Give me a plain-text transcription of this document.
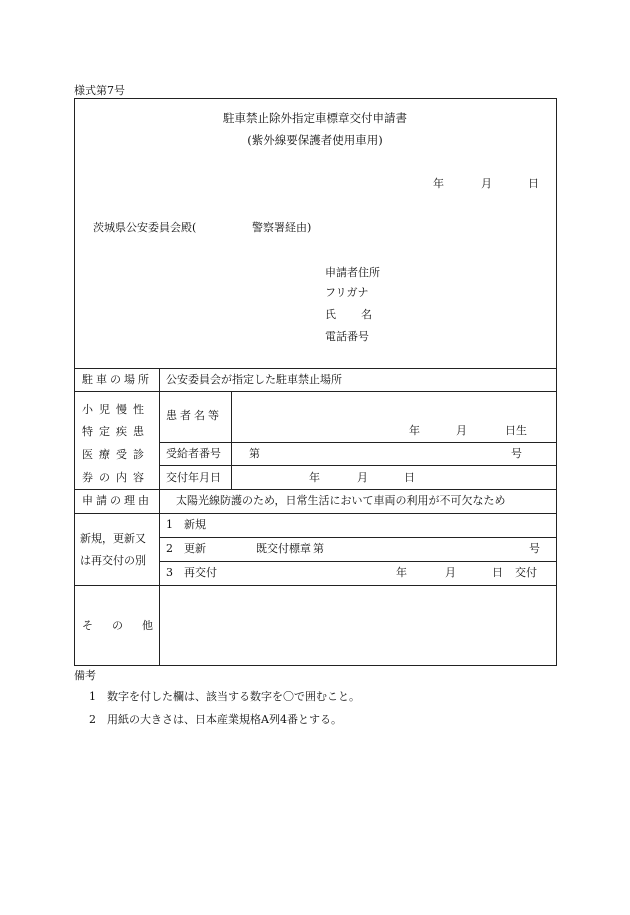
様式第7号
駐車禁止除外指定車標章交付申請書
(紫外線要保護者使用車用)
年	月	日
茨城県公安委員会殿(	警察署経由)
申請者住所
フリガナ
氏 名
電話番号
駐車の場所 公安委員会が指定した駐車禁止場所
小児慢性
特定疾患
医療受診
券の内容
患者名等
年	月	日生
受給者番号	第	号
交付年月日	年	月	日
申請の理由 太陽光線防護のため，日常生活において車両の利用が不可欠なため
新規，更新又
は再交付の別
1 新規
2 更新	既交付標章 第	号
3 再交付	年	月	日 交付
そ　の　他
備考
1 数字を付した欄は、該当する数字を〇で囲むこと。
2 用紙の大きさは、日本産業規格A列4番とする。
